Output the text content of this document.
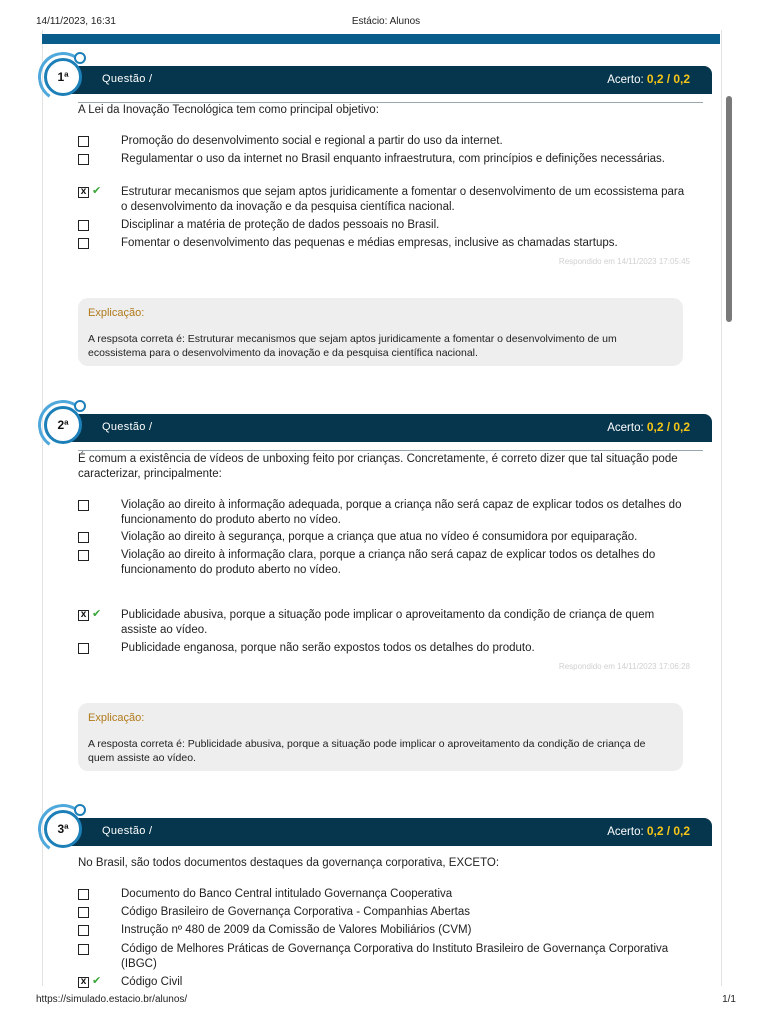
14/11/2023, 16:31	Estácio: Alunos
Questão /	Acerto: 0,2 / 0,2
1ª
A Lei da Inovação Tecnológica tem como principal objetivo:
Promoção do desenvolvimento social e regional a partir do uso da internet.
Regulamentar o uso da internet no Brasil enquanto infraestrutura, com princípios e definições necessárias.
x ✔ Estruturar mecanismos que sejam aptos juridicamente a fomentar o desenvolvimento de um ecossistema para o desenvolvimento da inovação e da pesquisa científica nacional.
Disciplinar a matéria de proteção de dados pessoais no Brasil.
Fomentar o desenvolvimento das pequenas e médias empresas, inclusive as chamadas startups.
Respondido em 14/11/2023 17:05:45
Explicação:
A respsota correta é: Estruturar mecanismos que sejam aptos juridicamente a fomentar o desenvolvimento de um ecossistema para o desenvolvimento da inovação e da pesquisa científica nacional.
Questão /	Acerto: 0,2 / 0,2
2ª
É comum a existência de vídeos de unboxing feito por crianças. Concretamente, é correto dizer que tal situação pode caracterizar, principalmente:
Violação ao direito à informação adequada, porque a criança não será capaz de explicar todos os detalhes do funcionamento do produto aberto no vídeo.
Violação ao direito à segurança, porque a criança que atua no vídeo é consumidora por equiparação.
Violação ao direito à informação clara, porque a criança não será capaz de explicar todos os detalhes do funcionamento do produto aberto no vídeo.
x ✔ Publicidade abusiva, porque a situação pode implicar o aproveitamento da condição de criança de quem assiste ao vídeo.
Publicidade enganosa, porque não serão expostos todos os detalhes do produto.
Respondido em 14/11/2023 17:06:28
Explicação:
A resposta correta é: Publicidade abusiva, porque a situação pode implicar o aproveitamento da condição de criança de quem assiste ao vídeo.
Questão /	Acerto: 0,2 / 0,2
3ª
No Brasil, são todos documentos destaques da governança corporativa, EXCETO:
Documento do Banco Central intitulado Governança Cooperativa
Código Brasileiro de Governança Corporativa - Companhias Abertas
Instrução nº 480 de 2009 da Comissão de Valores Mobiliários (CVM)
Código de Melhores Práticas de Governança Corporativa do Instituto Brasileiro de Governança Corporativa (IBGC)
x ✔ Código Civil
https://simulado.estacio.br/alunos/	1/1
